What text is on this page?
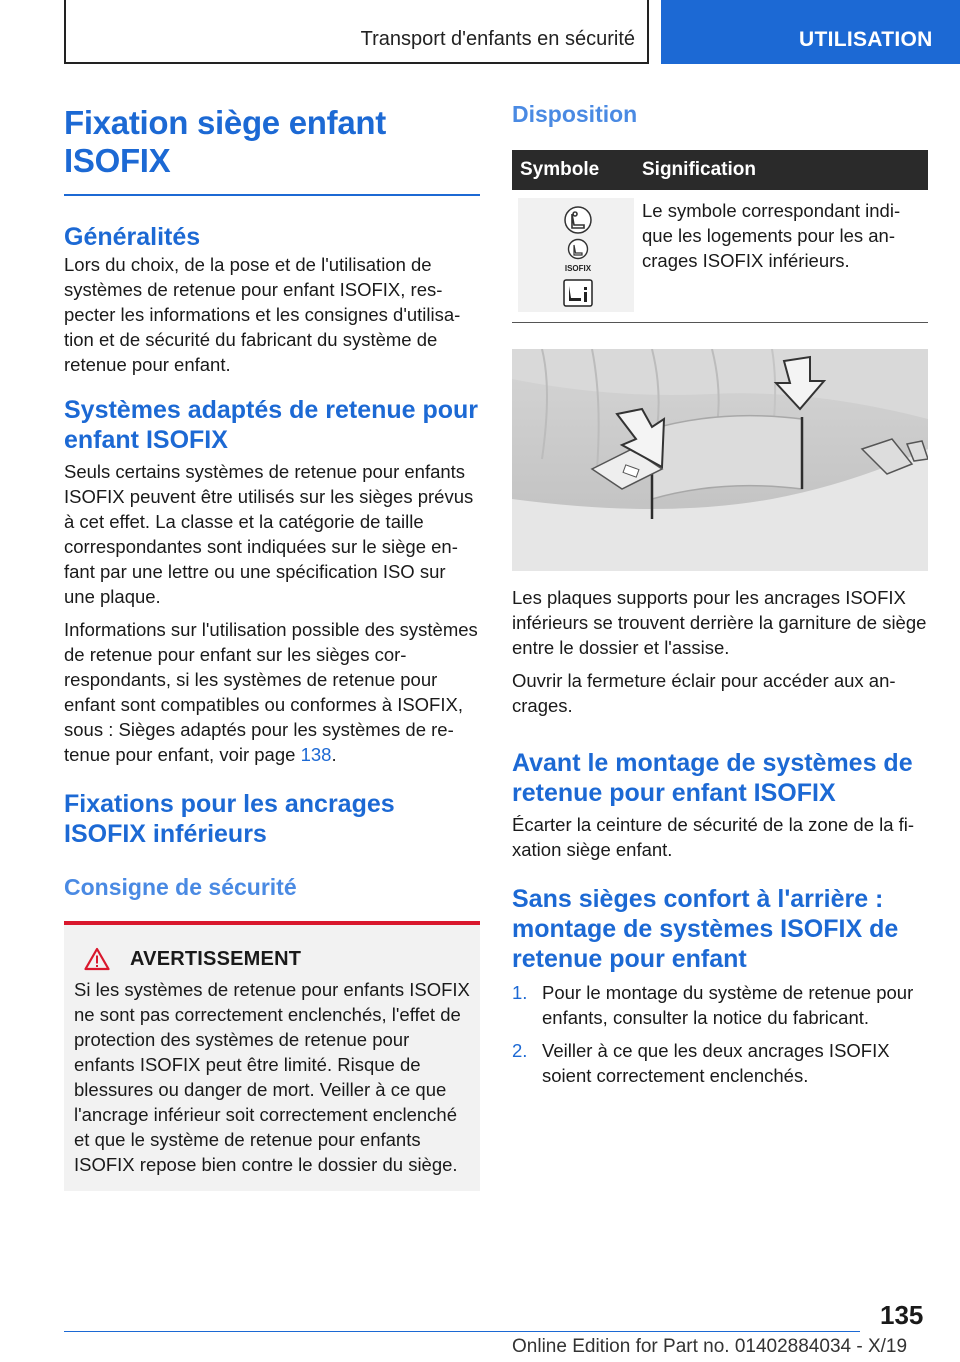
Transport d'enfants en sécurité	UTILISATION
Fixation siège enfant ISOFIX
Généralités

Lors du choix, de la pose et de l'utilisation de systèmes de retenue pour enfant ISOFIX, respecter les informations et les consignes d'utilisation et de sécurité du fabricant du système de retenue pour enfant.

Systèmes adaptés de retenue pour enfant ISOFIX

Seuls certains systèmes de retenue pour enfants ISOFIX peuvent être utilisés sur les sièges prévus à cet effet. La classe et la catégorie de taille correspondantes sont indiquées sur le siège enfant par une lettre ou une spécification ISO sur une plaque.

Informations sur l'utilisation possible des systèmes de retenue pour enfant sur les sièges correspondants, si les systèmes de retenue pour enfant sont compatibles ou conformes à ISOFIX, sous : Sièges adaptés pour les systèmes de retenue pour enfant, voir page 138.

Fixations pour les ancrages ISOFIX inférieurs
Consigne de sécurité
AVERTISSEMENT

Si les systèmes de retenue pour enfants ISOFIX ne sont pas correctement enclenchés, l'effet de protection des systèmes de retenue pour enfants ISOFIX peut être limité. Risque de blessures ou danger de mort. Veiller à ce que l'ancrage inférieur soit correctement enclenché et que le système de retenue pour enfants ISOFIX repose bien contre le dossier du siège.

Disposition
Symbole	Signification

ISOFIX	Le symbole correspondant indique les logements pour les ancrages ISOFIX inférieurs.

Les plaques supports pour les ancrages ISOFIX inférieurs se trouvent derrière la garniture de siège entre le dossier et l'assise.

Ouvrir la fermeture éclair pour accéder aux ancrages.

Avant le montage de systèmes de retenue pour enfant ISOFIX

Écarter la ceinture de sécurité de la zone de la fixation siège enfant.

Sans sièges confort à l'arrière : montage de systèmes ISOFIX de retenue pour enfant
1. Pour le montage du système de retenue pour enfants, consulter la notice du fabricant.
2. Veiller à ce que les deux ancrages ISOFIX soient correctement enclenchés.
135
Online Edition for Part no. 01402884034 - X/19
